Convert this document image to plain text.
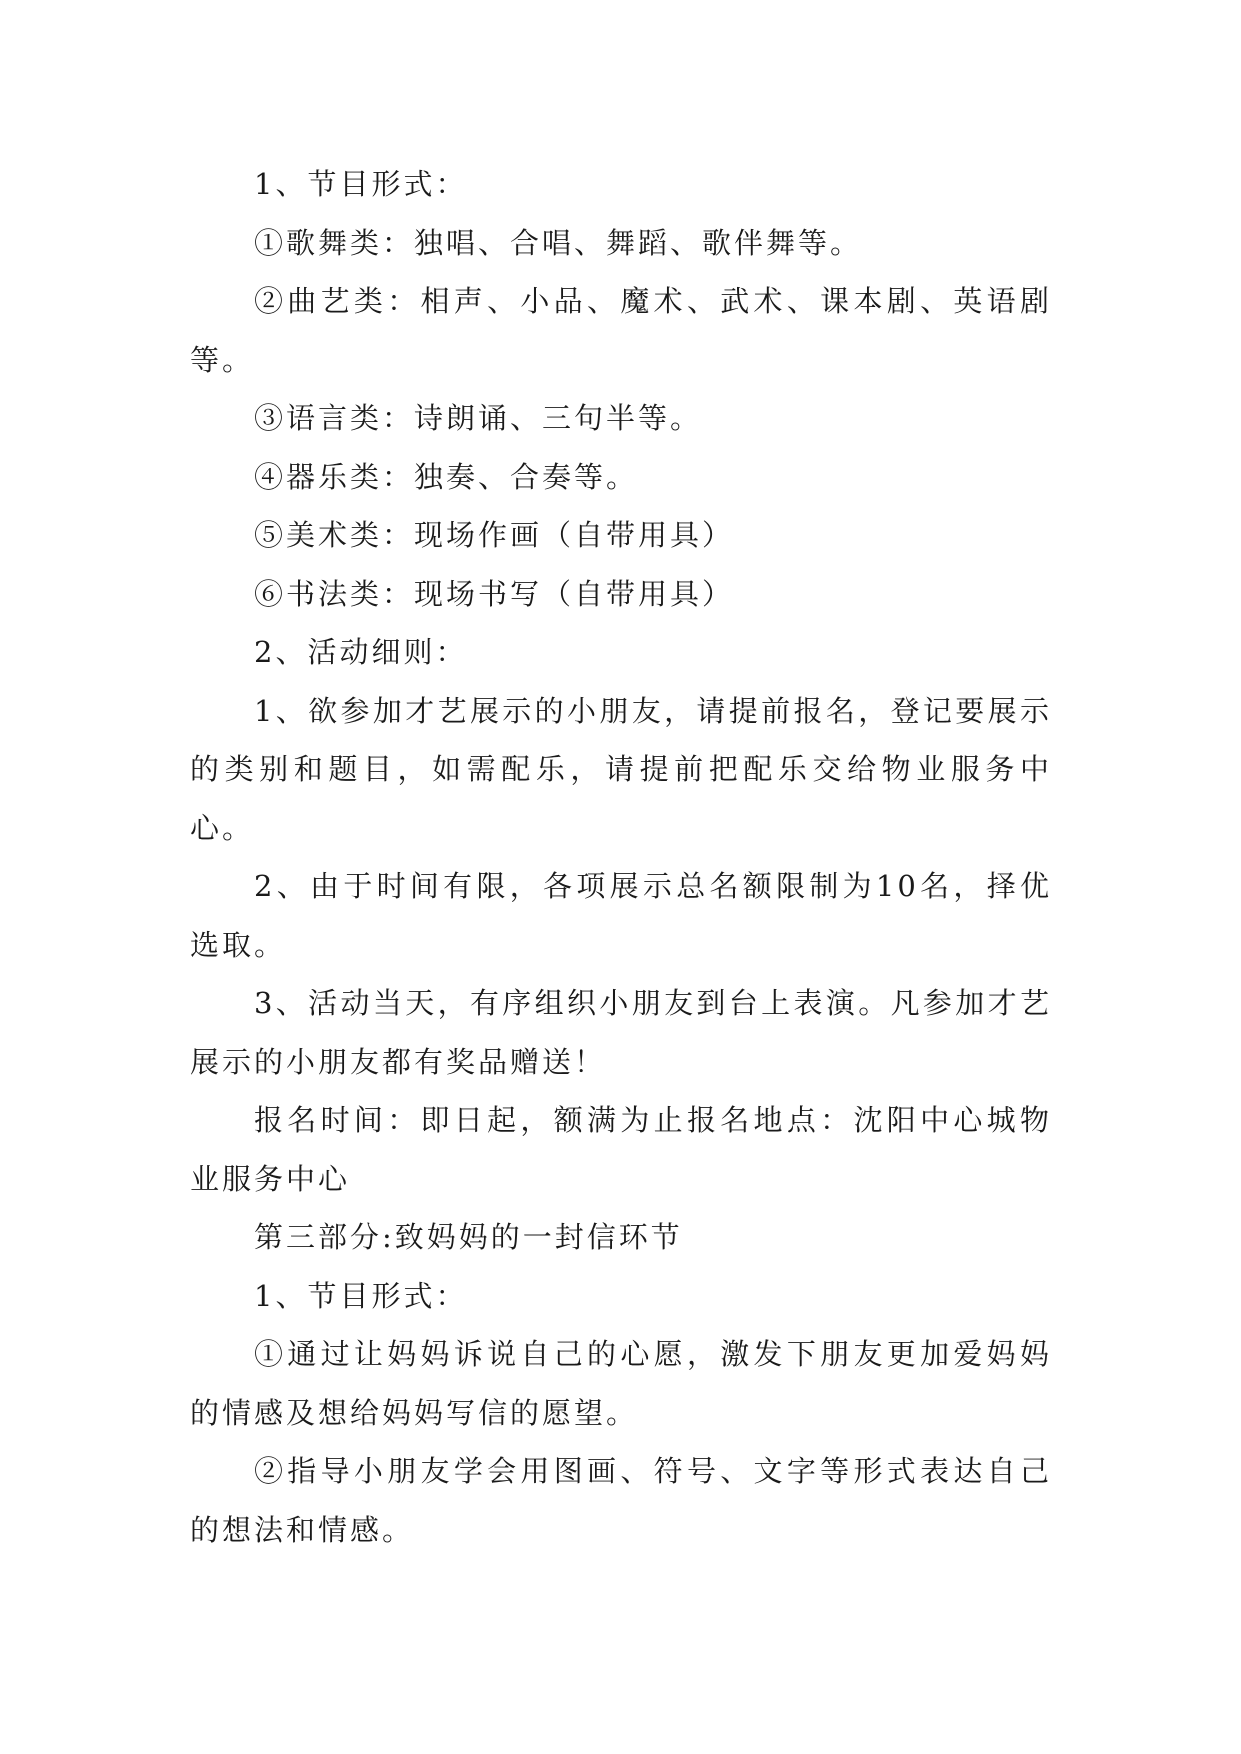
1、节目形式：

①歌舞类：独唱、合唱、舞蹈、歌伴舞等。

②曲艺类：相声、小品、魔术、武术、课本剧、英语剧等。

③语言类：诗朗诵、三句半等。

④器乐类：独奏、合奏等。

⑤美术类：现场作画（自带用具）

⑥书法类：现场书写（自带用具）

2、活动细则：

1、欲参加才艺展示的小朋友，请提前报名，登记要展示的类别和题目，如需配乐，请提前把配乐交给物业服务中心。

2、由于时间有限，各项展示总名额限制为10名，择优选取。

3、活动当天，有序组织小朋友到台上表演。凡参加才艺展示的小朋友都有奖品赠送！

报名时间：即日起，额满为止报名地点：沈阳中心城物业服务中心

第三部分:致妈妈的一封信环节

1、节目形式：

①通过让妈妈诉说自己的心愿，激发下朋友更加爱妈妈的情感及想给妈妈写信的愿望。

②指导小朋友学会用图画、符号、文字等形式表达自己的想法和情感。
